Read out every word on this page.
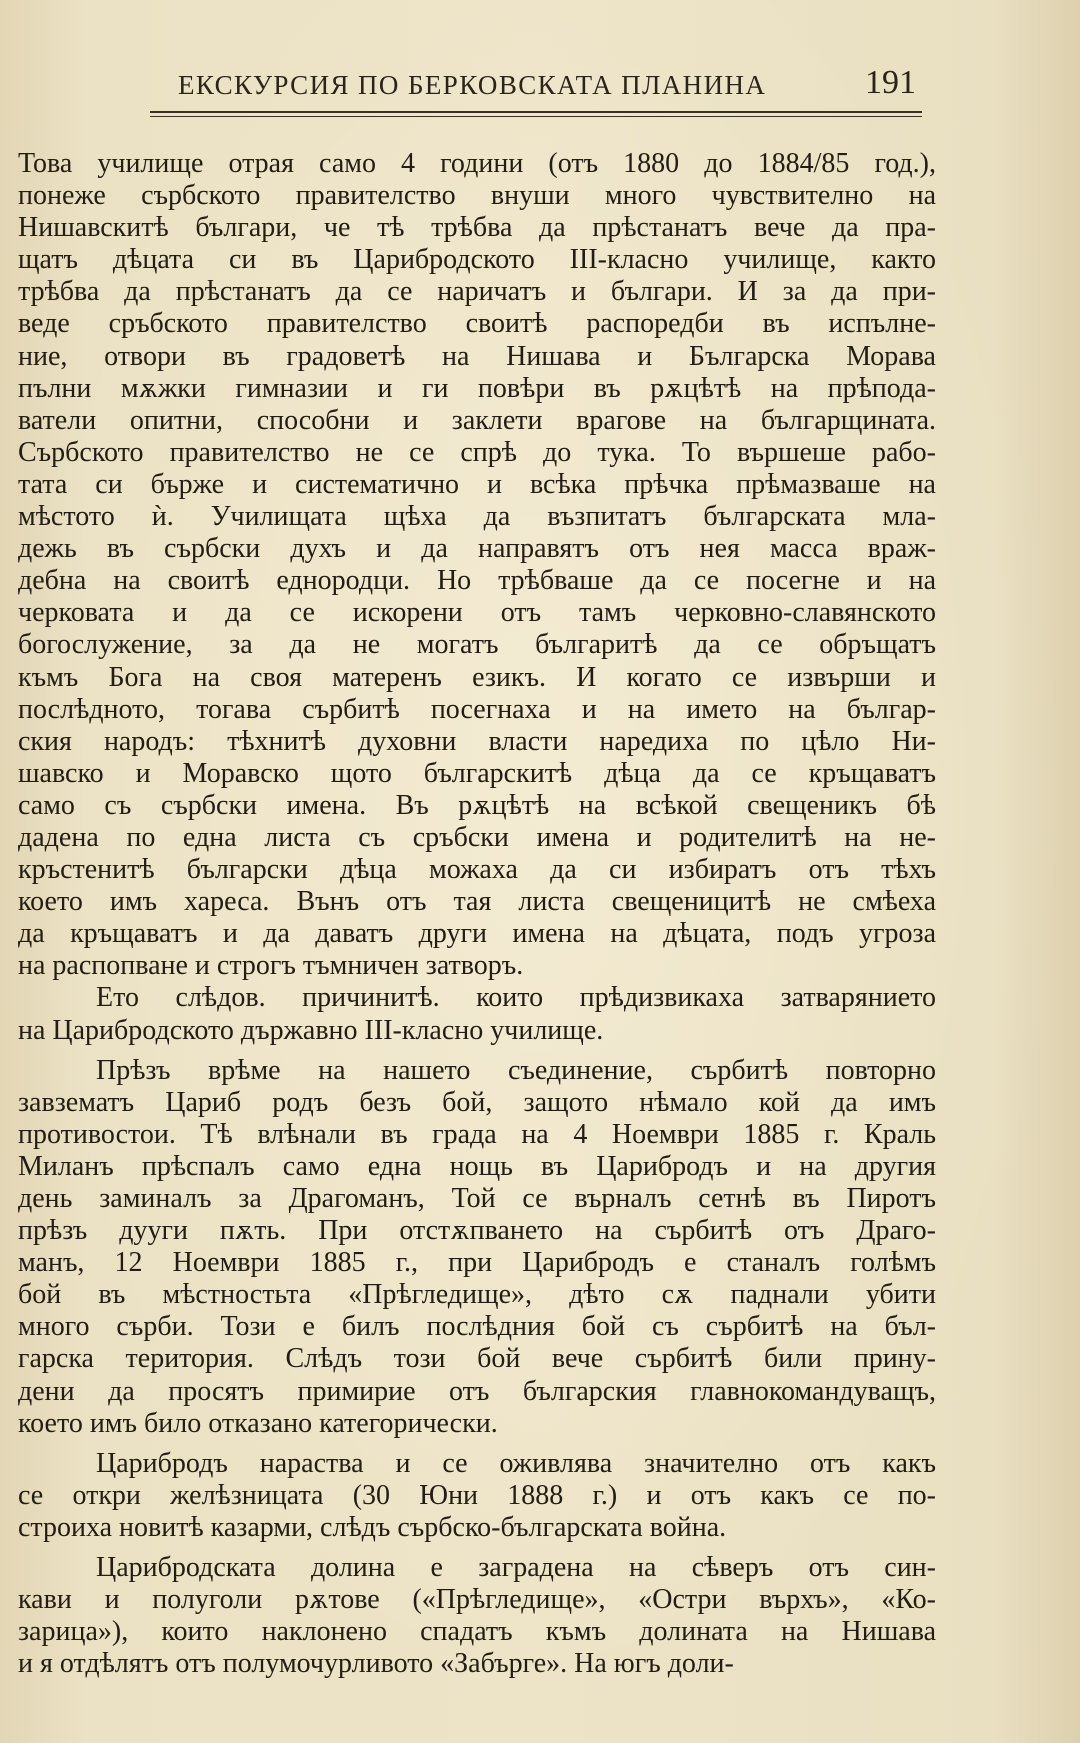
ЕКСКУРСИЯ ПО БЕРКОВСКАТА ПЛАНИНА	191
Това училище отрая само 4 години (отъ 1880 до 1884/85 год.),
понеже сърбското правителство внуши много чувствително на
Нишавскитѣ българи, че тѣ трѣбва да прѣстанатъ вече да пра-
щатъ дѣцата си въ Царибродското III-класно училище, както
трѣбва да прѣстанатъ да се наричатъ и българи. И за да при-
веде сръбското правителство своитѣ распоредби въ испълне-
ние, отвори въ градоветѣ на Нишава и Българска Морава
пълни мѫжки гимназии и ги повѣри въ рѫцѣтѣ на прѣпода-
ватели опитни, способни и заклети врагове на българщината.
Сърбското правителство не се спрѣ до тука. То вършеше рабо-
тата си бърже и систематично и всѣка прѣчка прѣмазваше на
мѣстото ѝ. Училищата щѣха да възпитатъ българската мла-
дежь въ сърбски духъ и да направятъ отъ нея масса враж-
дебна на своитѣ еднородци. Но трѣбваше да се посегне и на
черковата и да се искорени отъ тамъ черковно-славянското
богослужение, за да не могатъ българитѣ да се обръщатъ
къмъ Бога на своя матеренъ езикъ. И когато се извърши и
послѣдното, тогава сърбитѣ посегнаха и на името на българ-
ския народъ: тѣхнитѣ духовни власти наредиха по цѣло Ни-
шавско и Моравско щото българскитѣ дѣца да се кръщаватъ
само съ сърбски имена. Въ рѫцѣтѣ на всѣкой свещеникъ бѣ
дадена по една листа съ сръбски имена и родителитѣ на не-
кръстенитѣ български дѣца можаха да си избиратъ отъ тѣхъ
което имъ хареса. Вънъ отъ тая листа свещеницитѣ не смѣеха
да кръщаватъ и да даватъ други имена на дѣцата, подъ угроза
на распопване и строгъ тъмничен затворъ.
Ето слѣдов. причинитѣ. които прѣдизвикаха затварянието
на Царибродското държавно III-класно училище.
Прѣзъ врѣме на нашето съединение, сърбитѣ повторно
завзематъ Цариб родъ безъ бой, защото нѣмало кой да имъ
противостои. Тѣ влѣнали въ града на 4 Ноември 1885 г. Краль
Миланъ прѣспалъ само една нощь въ Царибродъ и на другия
день заминалъ за Драгоманъ, Той се върналъ сетнѣ въ Пиротъ
прѣзъ дууги пѫть. При отстѫпването на сърбитѣ отъ Драго-
манъ, 12 Ноември 1885 г., при Царибродъ е станалъ голѣмъ
бой въ мѣстностьта «Прѣгледище», дѣто сѫ паднали убити
много сърби. Този е билъ послѣдния бой съ сърбитѣ на бъл-
гарска територия. Слѣдъ този бой вече сърбитѣ били прину-
дени да просятъ примирие отъ българския главнокомандуващъ,
което имъ било отказано категорически.
Царибродъ нараства и се оживлява значително отъ какъ
се откри желѣзницата (30 Юни 1888 г.) и отъ какъ се по-
строиха новитѣ казарми, слѣдъ сърбско-българската война.
Царибродската долина е заградена на сѣверъ отъ син-
кави и полуголи рѫтове («Прѣгледище», «Остри върхъ», «Ко-
зарица»), които наклонено спадатъ къмъ долината на Нишава
и я отдѣлятъ отъ полумочурливото «Забърге». На югъ доли-
